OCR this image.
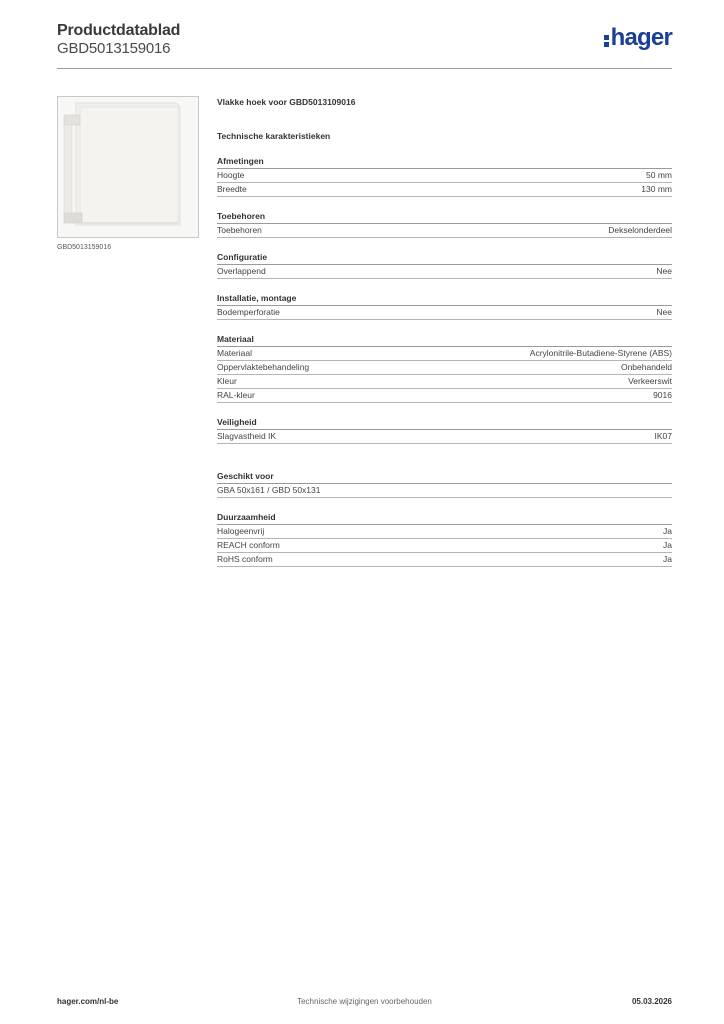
Productdatablad
GBD5013159016	hager
GBD5013159016
Vlakke hoek voor GBD5013109016
Technische karakteristieken
Afmetingen
Hoogte	50 mm
Breedte	130 mm
Toebehoren
Toebehoren	Dekselonderdeel
Configuratie
Overlappend	Nee
Installatie, montage
Bodemperforatie	Nee
Materiaal
Materiaal	Acrylonitrile-Butadiene-Styrene (ABS)
Oppervlaktebehandeling	Onbehandeld
Kleur	Verkeerswit
RAL-kleur	9016
Veiligheid
Slagvastheid IK	IK07
Geschikt voor
GBA 50x161 / GBD 50x131
Duurzaamheid
Halogeenvrij	Ja
REACH conform	Ja
RoHS conform	Ja
hager.com/nl-be	Technische wijzigingen voorbehouden	05.03.2026
